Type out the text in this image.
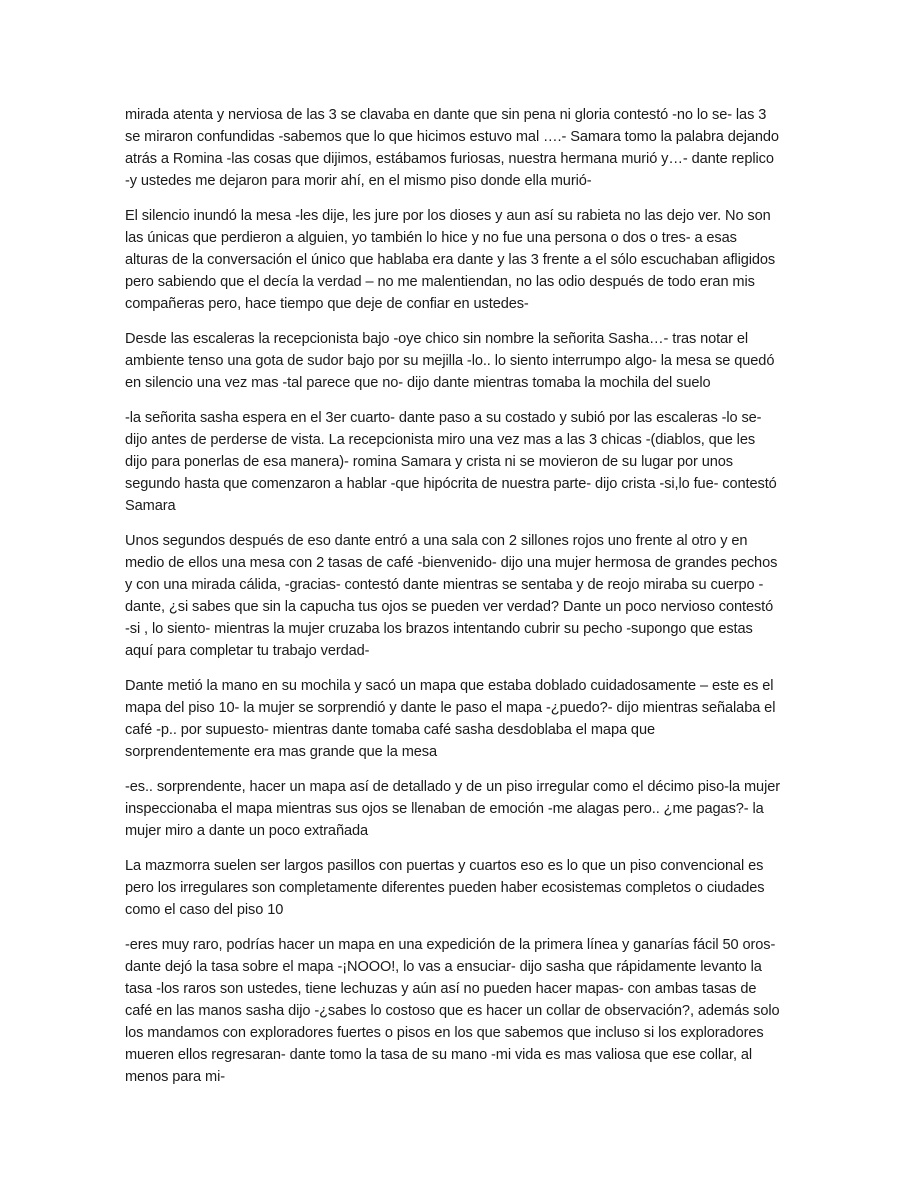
mirada atenta y nerviosa de las 3 se clavaba en dante que sin pena ni gloria contestó -no lo se- las 3 se miraron confundidas -sabemos que lo que hicimos estuvo mal ….- Samara tomo la palabra dejando atrás a Romina -las cosas que dijimos, estábamos furiosas, nuestra hermana murió y…- dante replico -y ustedes me dejaron para morir ahí, en el mismo piso donde ella murió-

El silencio inundó la mesa -les dije, les jure por los dioses y aun así su rabieta no las dejo ver. No son las únicas que perdieron a alguien, yo también lo hice y no fue una persona o dos o tres- a esas alturas de la conversación el único que hablaba era dante y las 3 frente a el sólo escuchaban afligidos pero sabiendo que el decía la verdad – no me malentiendan, no las odio después de todo eran mis compañeras pero, hace tiempo que deje de confiar en ustedes-

Desde las escaleras la recepcionista bajo -oye chico sin nombre la señorita Sasha…- tras notar el ambiente tenso una gota de sudor bajo por su mejilla -lo.. lo siento interrumpo algo- la mesa se quedó en silencio una vez mas -tal parece que no- dijo dante mientras tomaba la mochila del suelo

-la señorita sasha espera en el 3er cuarto- dante paso a su costado y subió por las escaleras -lo se- dijo antes de perderse de vista. La recepcionista miro una vez mas a las 3 chicas -(diablos, que les dijo para ponerlas de esa manera)- romina Samara y crista ni se movieron de su lugar por unos segundo hasta que comenzaron a hablar -que hipócrita de nuestra parte- dijo crista -si,lo fue- contestó Samara

Unos segundos después de eso dante entró a una sala con 2 sillones rojos uno frente al otro y en medio de ellos una mesa con 2 tasas de café -bienvenido- dijo una mujer hermosa de grandes pechos y con una mirada cálida, -gracias- contestó dante mientras se sentaba y de reojo miraba su cuerpo -dante, ¿si sabes que sin la capucha tus ojos se pueden ver verdad? Dante un poco nervioso contestó -si , lo siento- mientras la mujer cruzaba los brazos intentando cubrir su pecho -supongo que estas aquí para completar tu trabajo verdad-

Dante metió la mano en su mochila y sacó un mapa que estaba doblado cuidadosamente – este es el mapa del piso 10- la mujer se sorprendió y dante le paso el mapa -¿puedo?- dijo mientras señalaba el café -p.. por supuesto- mientras dante tomaba café sasha desdoblaba el mapa que sorprendentemente era mas grande que la mesa

-es.. sorprendente, hacer un mapa así de detallado y de un piso irregular como el décimo piso-la mujer inspeccionaba el mapa mientras sus ojos se llenaban de emoción -me alagas pero.. ¿me pagas?- la mujer miro a dante un poco extrañada

La mazmorra suelen ser largos pasillos con puertas y cuartos eso es lo que un piso convencional es pero los irregulares son completamente diferentes pueden haber ecosistemas completos o ciudades como el caso del piso 10

-eres muy raro, podrías hacer un mapa en una expedición de la primera línea y ganarías fácil 50 oros- dante dejó la tasa sobre el mapa -¡NOOO!, lo vas a ensuciar- dijo sasha que rápidamente levanto la tasa -los raros son ustedes, tiene lechuzas y aún así no pueden hacer mapas- con ambas tasas de café en las manos sasha dijo -¿sabes lo costoso que es hacer un collar de observación?, además solo los mandamos con exploradores fuertes o pisos en los que sabemos que incluso si los exploradores mueren ellos regresaran- dante tomo la tasa de su mano -mi vida es mas valiosa que ese collar, al menos para mi-
